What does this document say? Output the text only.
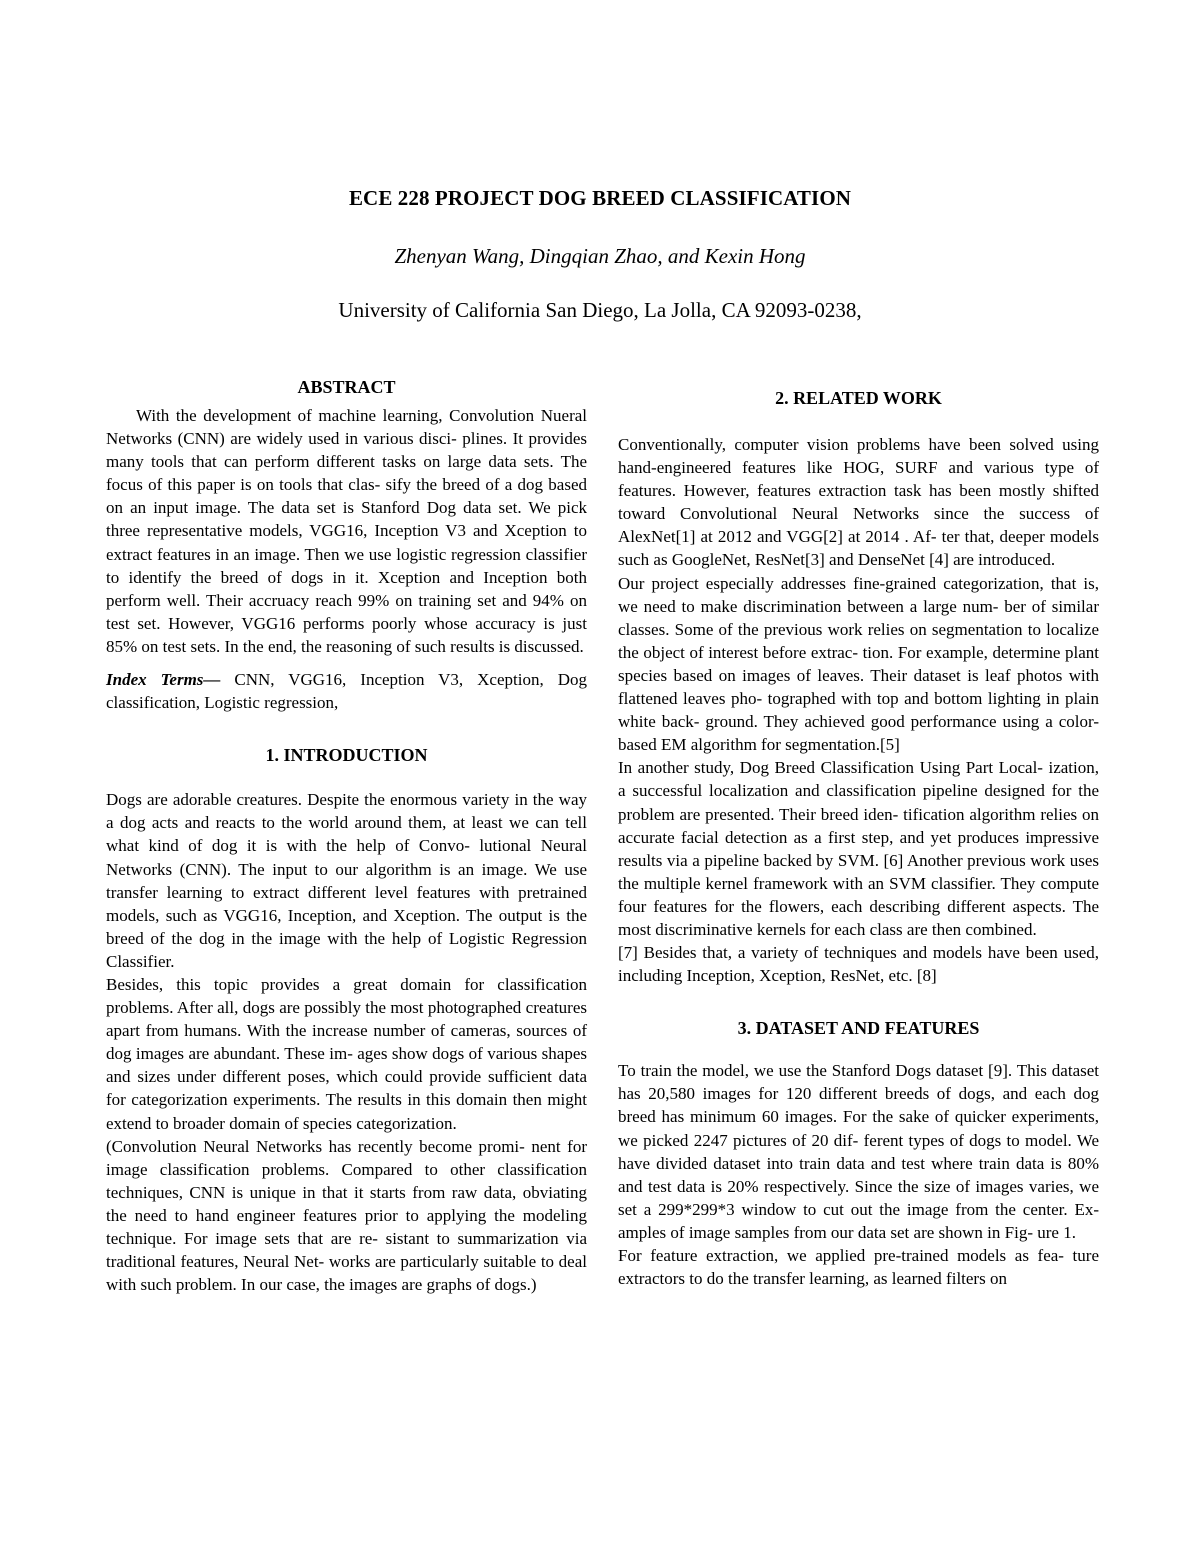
ECE 228 PROJECT DOG BREED CLASSIFICATION
Zhenyan Wang, Dingqian Zhao, and Kexin Hong
University of California San Diego, La Jolla, CA 92093-0238,
ABSTRACT

With the development of machine learning, Convolution Nueral Networks (CNN) are widely used in various disci- plines. It provides many tools that can perform different tasks on large data sets. The focus of this paper is on tools that clas- sify the breed of a dog based on an input image. The data set is Stanford Dog data set. We pick three representative models, VGG16, Inception V3 and Xception to extract features in an image. Then we use logistic regression classifier to identify the breed of dogs in it. Xception and Inception both perform well. Their accruacy reach 99% on training set and 94% on test set. However, VGG16 performs poorly whose accuracy is just 85% on test sets. In the end, the reasoning of such results is discussed.

Index Terms— CNN, VGG16, Inception V3, Xception, Dog classification, Logistic regression,

1. INTRODUCTION

Dogs are adorable creatures. Despite the enormous variety in the way a dog acts and reacts to the world around them, at least we can tell what kind of dog it is with the help of Convo- lutional Neural Networks (CNN). The input to our algorithm is an image. We use transfer learning to extract different level features with pretrained models, such as VGG16, Inception, and Xception. The output is the breed of the dog in the image with the help of Logistic Regression Classifier.

Besides, this topic provides a great domain for classification problems. After all, dogs are possibly the most photographed creatures apart from humans. With the increase number of cameras, sources of dog images are abundant. These im- ages show dogs of various shapes and sizes under different poses, which could provide sufficient data for categorization experiments. The results in this domain then might extend to broader domain of species categorization.

(Convolution Neural Networks has recently become promi- nent for image classification problems. Compared to other classification techniques, CNN is unique in that it starts from raw data, obviating the need to hand engineer features prior to applying the modeling technique. For image sets that are re- sistant to summarization via traditional features, Neural Net- works are particularly suitable to deal with such problem. In our case, the images are graphs of dogs.)

2. RELATED WORK

Conventionally, computer vision problems have been solved using hand-engineered features like HOG, SURF and various type of features. However, features extraction task has been mostly shifted toward Convolutional Neural Networks since the success of AlexNet[1] at 2012 and VGG[2] at 2014 . Af- ter that, deeper models such as GoogleNet, ResNet[3] and DenseNet [4] are introduced.

Our project especially addresses fine-grained categorization, that is, we need to make discrimination between a large num- ber of similar classes. Some of the previous work relies on segmentation to localize the object of interest before extrac- tion. For example, determine plant species based on images of leaves. Their dataset is leaf photos with flattened leaves pho- tographed with top and bottom lighting in plain white back- ground. They achieved good performance using a color-based EM algorithm for segmentation.[5]

In another study, Dog Breed Classification Using Part Local- ization, a successful localization and classification pipeline designed for the problem are presented. Their breed iden- tification algorithm relies on accurate facial detection as a first step, and yet produces impressive results via a pipeline backed by SVM. [6] Another previous work uses the multiple kernel framework with an SVM classifier. They compute four features for the flowers, each describing different aspects. The most discriminative kernels for each class are then combined.

[7] Besides that, a variety of techniques and models have been used, including Inception, Xception, ResNet, etc. [8]

3. DATASET AND FEATURES

To train the model, we use the Stanford Dogs dataset [9]. This dataset has 20,580 images for 120 different breeds of dogs, and each dog breed has minimum 60 images. For the sake of quicker experiments, we picked 2247 pictures of 20 dif- ferent types of dogs to model. We have divided dataset into train data and test where train data is 80% and test data is 20% respectively. Since the size of images varies, we set a 299*299*3 window to cut out the image from the center. Ex- amples of image samples from our data set are shown in Fig- ure 1.

For feature extraction, we applied pre-trained models as fea- ture extractors to do the transfer learning, as learned filters on
